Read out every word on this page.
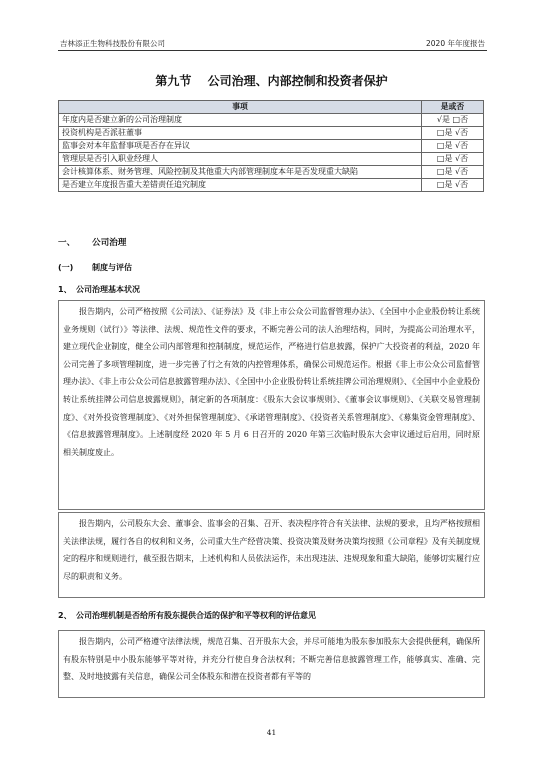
吉林添正生物科技股份有限公司	2020 年年度报告
第九节　 公司治理、内部控制和投资者保护
事项	是或否
年度内是否建立新的公司治理制度	√是 □否
投资机构是否派驻董事	□是 √否
监事会对本年监督事项是否存在异议	□是 √否
管理层是否引入职业经理人	□是 √否
会计核算体系、财务管理、风险控制及其他重大内部管理制度本年是否发现重大缺陷	□是 √否
是否建立年度报告重大差错责任追究制度	□是 √否
一、 公司治理
(一) 制度与评估
1、 公司治理基本状况

报告期内，公司严格按照《公司法》、《证券法》及《非上市公众公司监督管理办法》、《全国中小企业股份转让系统业务规则（试行）》等法律、法规、规范性文件的要求，不断完善公司的法人治理结构，同时，为提高公司治理水平，建立现代企业制度，健全公司内部管理和控制制度，规范运作，严格进行信息披露，保护广大投资者的利益，2020 年公司完善了多项管理制度，进一步完善了行之有效的内控管理体系，确保公司规范运作。根据《非上市公众公司监督管理办法》、《非上市公众公司信息披露管理办法》、《全国中小企业股份转让系统挂牌公司治理规则》、《全国中小企业股份转让系统挂牌公司信息披露规则》，制定新的各项制度：《股东大会议事规则》、《董事会议事规则》、《关联交易管理制度》、《对外投资管理制度》、《对外担保管理制度》、《承诺管理制度》、《投资者关系管理制度》、《募集资金管理制度》、《信息披露管理制度》。上述制度经 2020 年 5 月 6 日召开的 2020 年第三次临时股东大会审议通过后启用，同时原相关制度废止。

报告期内，公司股东大会、董事会、监事会的召集、召开、表决程序符合有关法律、法规的要求，且均严格按照相关法律法规，履行各自的权利和义务，公司重大生产经营决策、投资决策及财务决策均按照《公司章程》及有关制度规定的程序和规则进行，截至报告期末，上述机构和人员依法运作，未出现违法、违规现象和重大缺陷，能够切实履行应尽的职责和义务。

2、 公司治理机制是否给所有股东提供合适的保护和平等权利的评估意见

报告期内，公司严格遵守法律法规，规范召集、召开股东大会，并尽可能地为股东参加股东大会提供便利，确保所有股东特别是中小股东能够平等对待，并充分行使自身合法权利；不断完善信息披露管理工作，能够真实、准确、完整、及时地披露有关信息，确保公司全体股东和潜在投资者都有平等的

41
